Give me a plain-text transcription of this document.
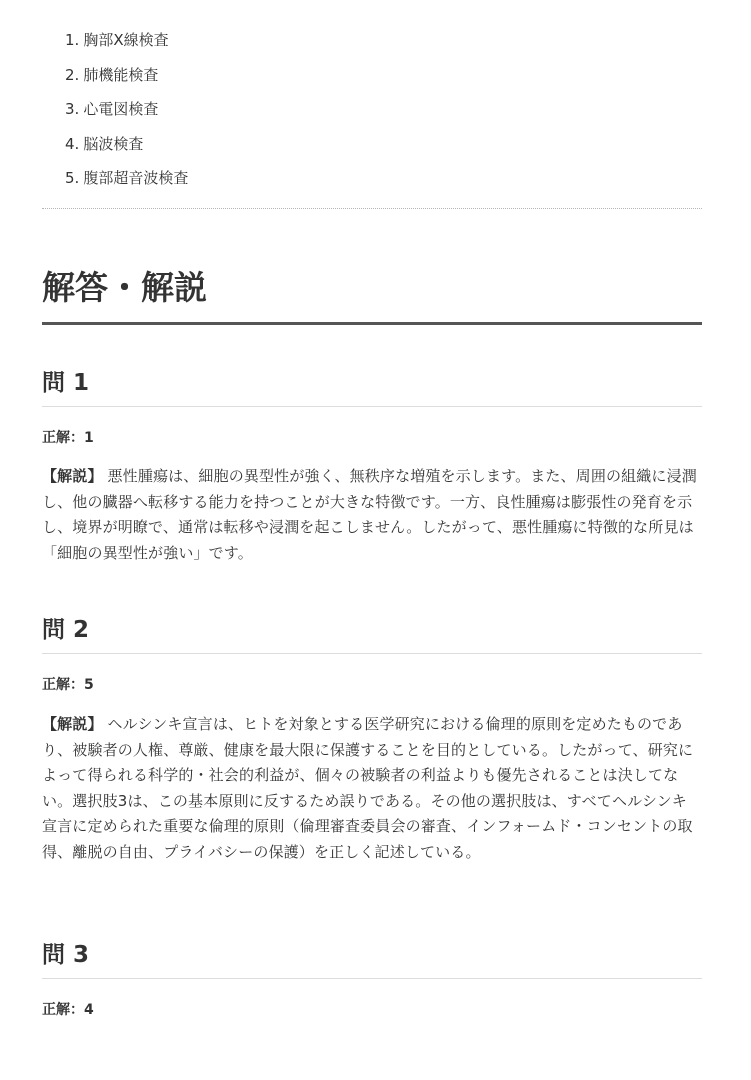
1. 胸部X線検査
2. 肺機能検査
3. 心電図検査
4. 脳波検査
5. 腹部超音波検査
解答・解説
問 1

正解：1

【解説】 悪性腫瘍は、細胞の異型性が強く、無秩序な増殖を示します。また、周囲の組織に浸潤し、他の臓器へ転移する能力を持つことが大きな特徴です。一方、良性腫瘍は膨張性の発育を示し、境界が明瞭で、通常は転移や浸潤を起こしません。したがって、悪性腫瘍に特徴的な所見は「細胞の異型性が強い」です。

問 2

正解：5

【解説】 ヘルシンキ宣言は、ヒトを対象とする医学研究における倫理的原則を定めたものであり、被験者の人権、尊厳、健康を最大限に保護することを目的としている。したがって、研究によって得られる科学的・社会的利益が、個々の被験者の利益よりも優先されることは決してない。選択肢3は、この基本原則に反するため誤りである。その他の選択肢は、すべてヘルシンキ宣言に定められた重要な倫理的原則（倫理審査委員会の審査、インフォームド・コンセントの取得、離脱の自由、プライバシーの保護）を正しく記述している。

問 3

正解：4
